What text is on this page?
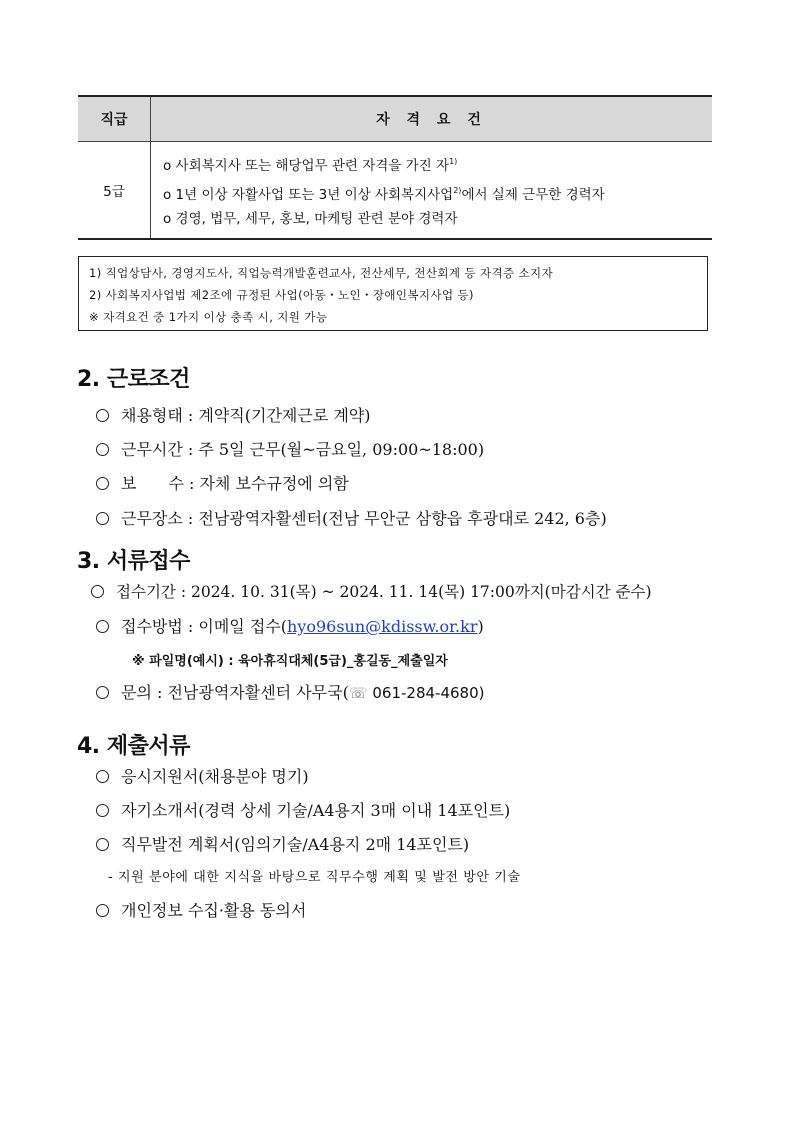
직급	자 격 요 건
5급	o 사회복지사 또는 해당업무 관련 자격을 가진 자$^{1)}$
o 1년 이상 자활사업 또는 3년 이상 사회복지사업$^{2)}$에서 실제 근무한 경력자
o 경영, 법무, 세무, 홍보, 마케팅 관련 분야 경력자
1) 직업상담사, 경영지도사, 직업능력개발훈련교사, 전산세무, 전산회계 등 자격증 소지자
2) 사회복지사업법 제2조에 규정된 사업(아동・노인・장애인복지사업 등)
※ 자격요건 중 1가지 이상 충족 시, 지원 가능
2. 근로조건
채용형태 : 계약직(기간제근로 계약)
근무시간 : 주 5일 근무(월~금요일, 09:00~18:00)
보　　수 : 자체 보수규정에 의함
근무장소 : 전남광역자활센터(전남 무안군 삼향읍 후광대로 242, 6층)
3. 서류접수
접수기간 : 2024. 10. 31(목) ~ 2024. 11. 14(목) 17:00까지(마감시간 준수)
접수방법 : 이메일 접수(hyo96sun@kdissw.or.kr)
※ 파일명(예시) : 육아휴직대체(5급)_홍길동_제출일자
문의 : 전남광역자활센터 사무국(☏ 061-284-4680)
4. 제출서류
응시지원서(채용분야 명기)
자기소개서(경력 상세 기술/A4용지 3매 이내 14포인트)
직무발전 계획서(임의기술/A4용지 2매 14포인트)
- 지원 분야에 대한 지식을 바탕으로 직무수행 계획 및 발전 방안 기술
개인정보 수집·활용 동의서
